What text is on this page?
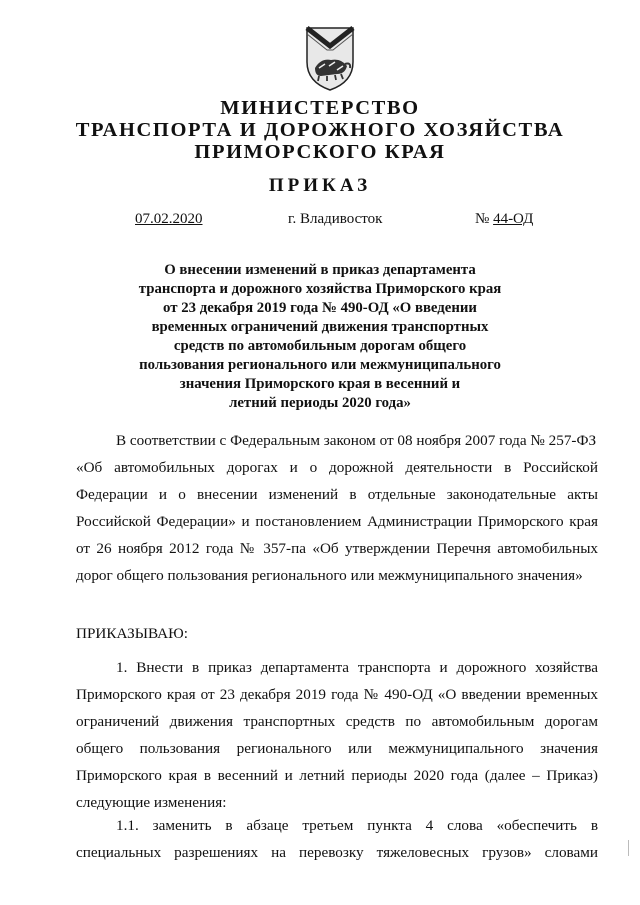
МИНИСТЕРСТВО
ТРАНСПОРТА И ДОРОЖНОГО ХОЗЯЙСТВА
ПРИМОРСКОГО КРАЯ
ПРИКАЗ
07.02.2020	г. Владивосток	№ 44-ОД
О внесении изменений в приказ департамента
транспорта и дорожного хозяйства Приморского края
от 23 декабря 2019 года № 490-ОД «О введении
временных ограничений движения транспортных
средств по автомобильным дорогам общего
пользования регионального или межмуниципального
значения Приморского края в весенний и
летний периоды 2020 года»
В соответствии с Федеральным законом от 08 ноября 2007 года № 257-ФЗ
«Об автомобильных дорогах и о дорожной деятельности в Российской
Федерации и о внесении изменений в отдельные законодательные акты
Российской Федерации» и постановлением Администрации Приморского края
от 26 ноября 2012 года № 357-па «Об утверждении Перечня автомобильных
дорог общего пользования регионального или межмуниципального значения»
ПРИКАЗЫВАЮ:
1. Внести в приказ департамента транспорта и дорожного хозяйства
Приморского края от 23 декабря 2019 года № 490-ОД «О введении временных
ограничений движения транспортных средств по автомобильным дорогам
общего пользования регионального или межмуниципального значения
Приморского края в весенний и летний периоды 2020 года (далее – Приказ)
следующие изменения:
1.1. заменить в абзаце третьем пункта 4 слова «обеспечить в
специальных разрешениях на перевозку тяжеловесных грузов» словами
